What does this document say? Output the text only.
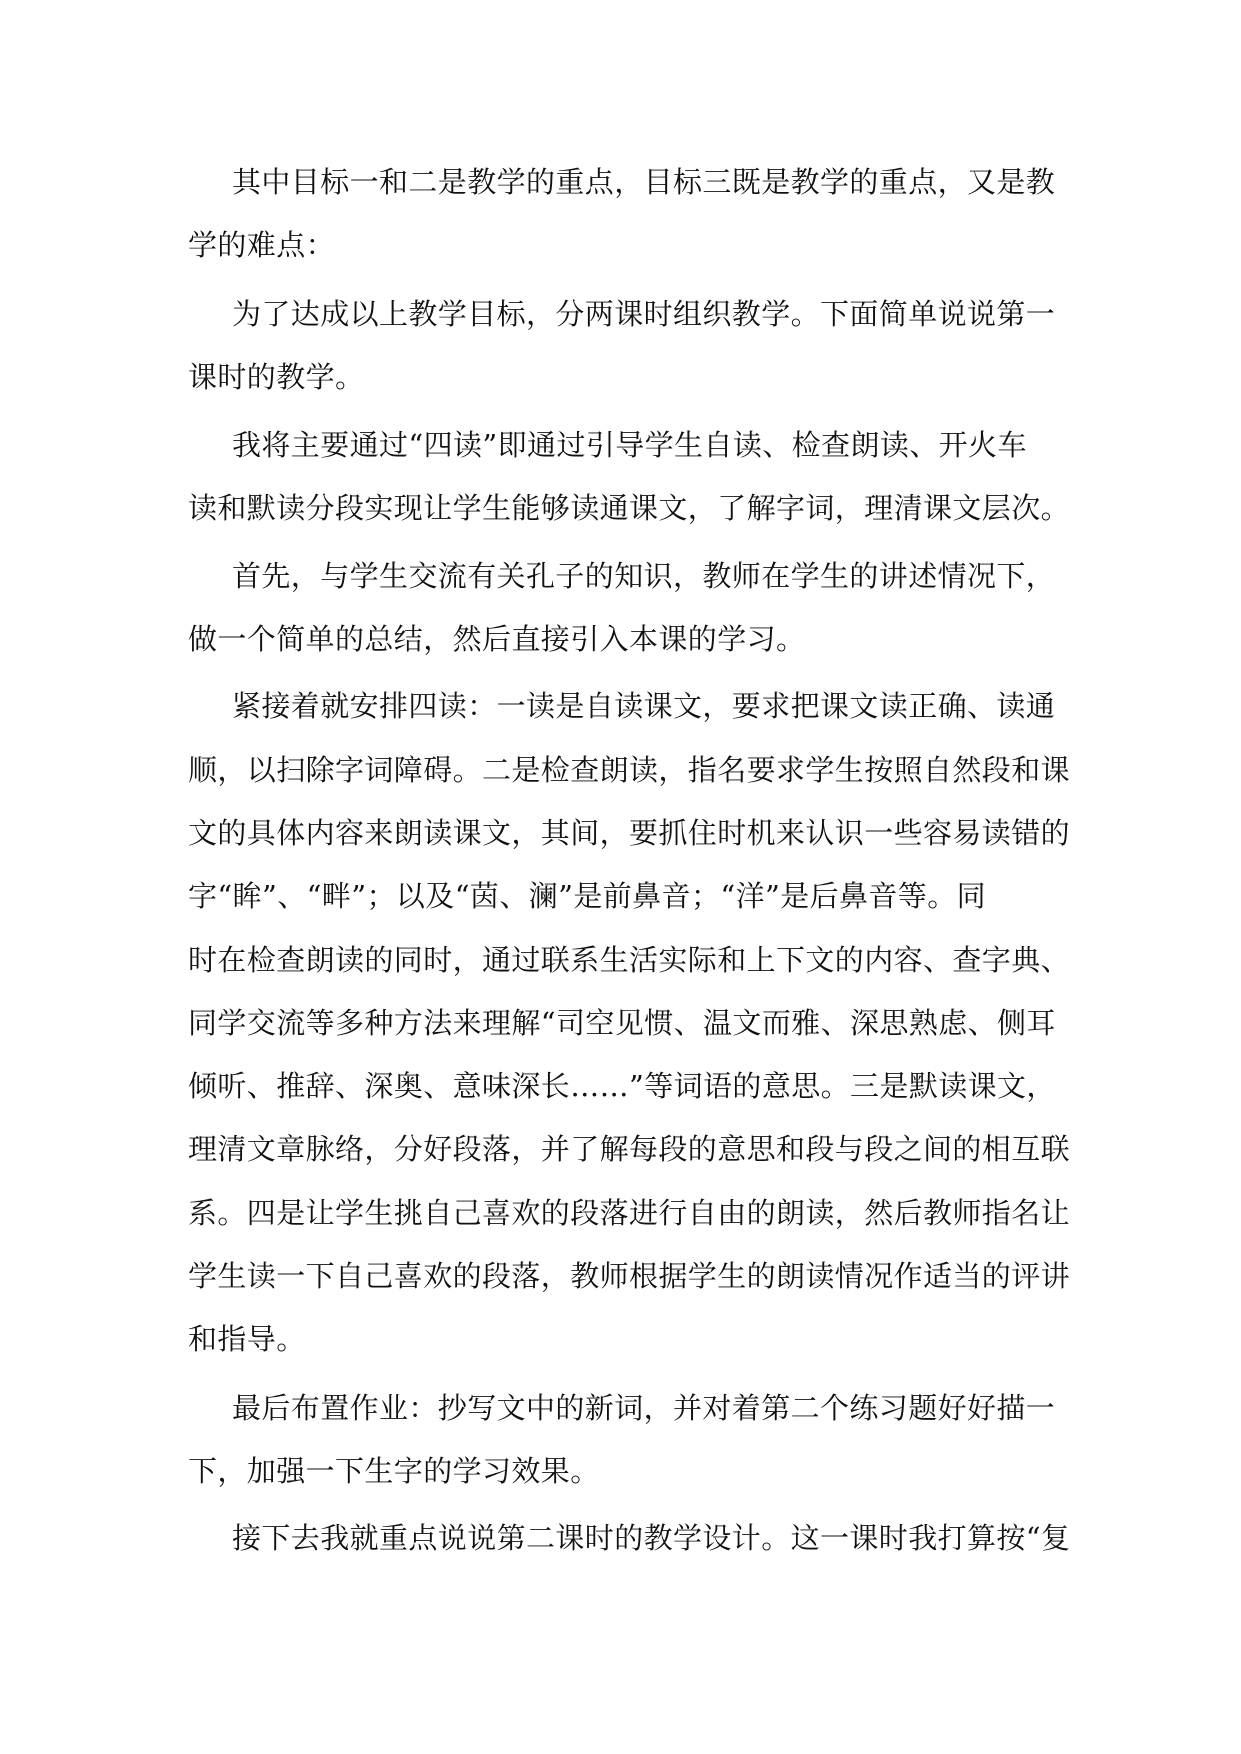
其中目标一和二是教学的重点，目标三既是教学的重点，又是教
学的难点：
为了达成以上教学目标，分两课时组织教学。下面简单说说第一
课时的教学。
我将主要通过“四读”即通过引导学生自读、检查朗读、开火车
读和默读分段实现让学生能够读通课文，了解字词，理清课文层次。
首先，与学生交流有关孔子的知识，教师在学生的讲述情况下，
做一个简单的总结，然后直接引入本课的学习。
紧接着就安排四读：一读是自读课文，要求把课文读正确、读通
顺，以扫除字词障碍。二是检查朗读，指名要求学生按照自然段和课
文的具体内容来朗读课文，其间，要抓住时机来认识一些容易读错的
字“眸”、“畔”；以及“茵、澜”是前鼻音；“洋”是后鼻音等。同
时在检查朗读的同时，通过联系生活实际和上下文的内容、查字典、
同学交流等多种方法来理解“司空见惯、温文而雅、深思熟虑、侧耳
倾听、推辞、深奥、意味深长……”等词语的意思。三是默读课文，
理清文章脉络，分好段落，并了解每段的意思和段与段之间的相互联
系。四是让学生挑自己喜欢的段落进行自由的朗读，然后教师指名让
学生读一下自己喜欢的段落，教师根据学生的朗读情况作适当的评讲
和指导。
最后布置作业：抄写文中的新词，并对着第二个练习题好好描一
下，加强一下生字的学习效果。
接下去我就重点说说第二课时的教学设计。这一课时我打算按“复
